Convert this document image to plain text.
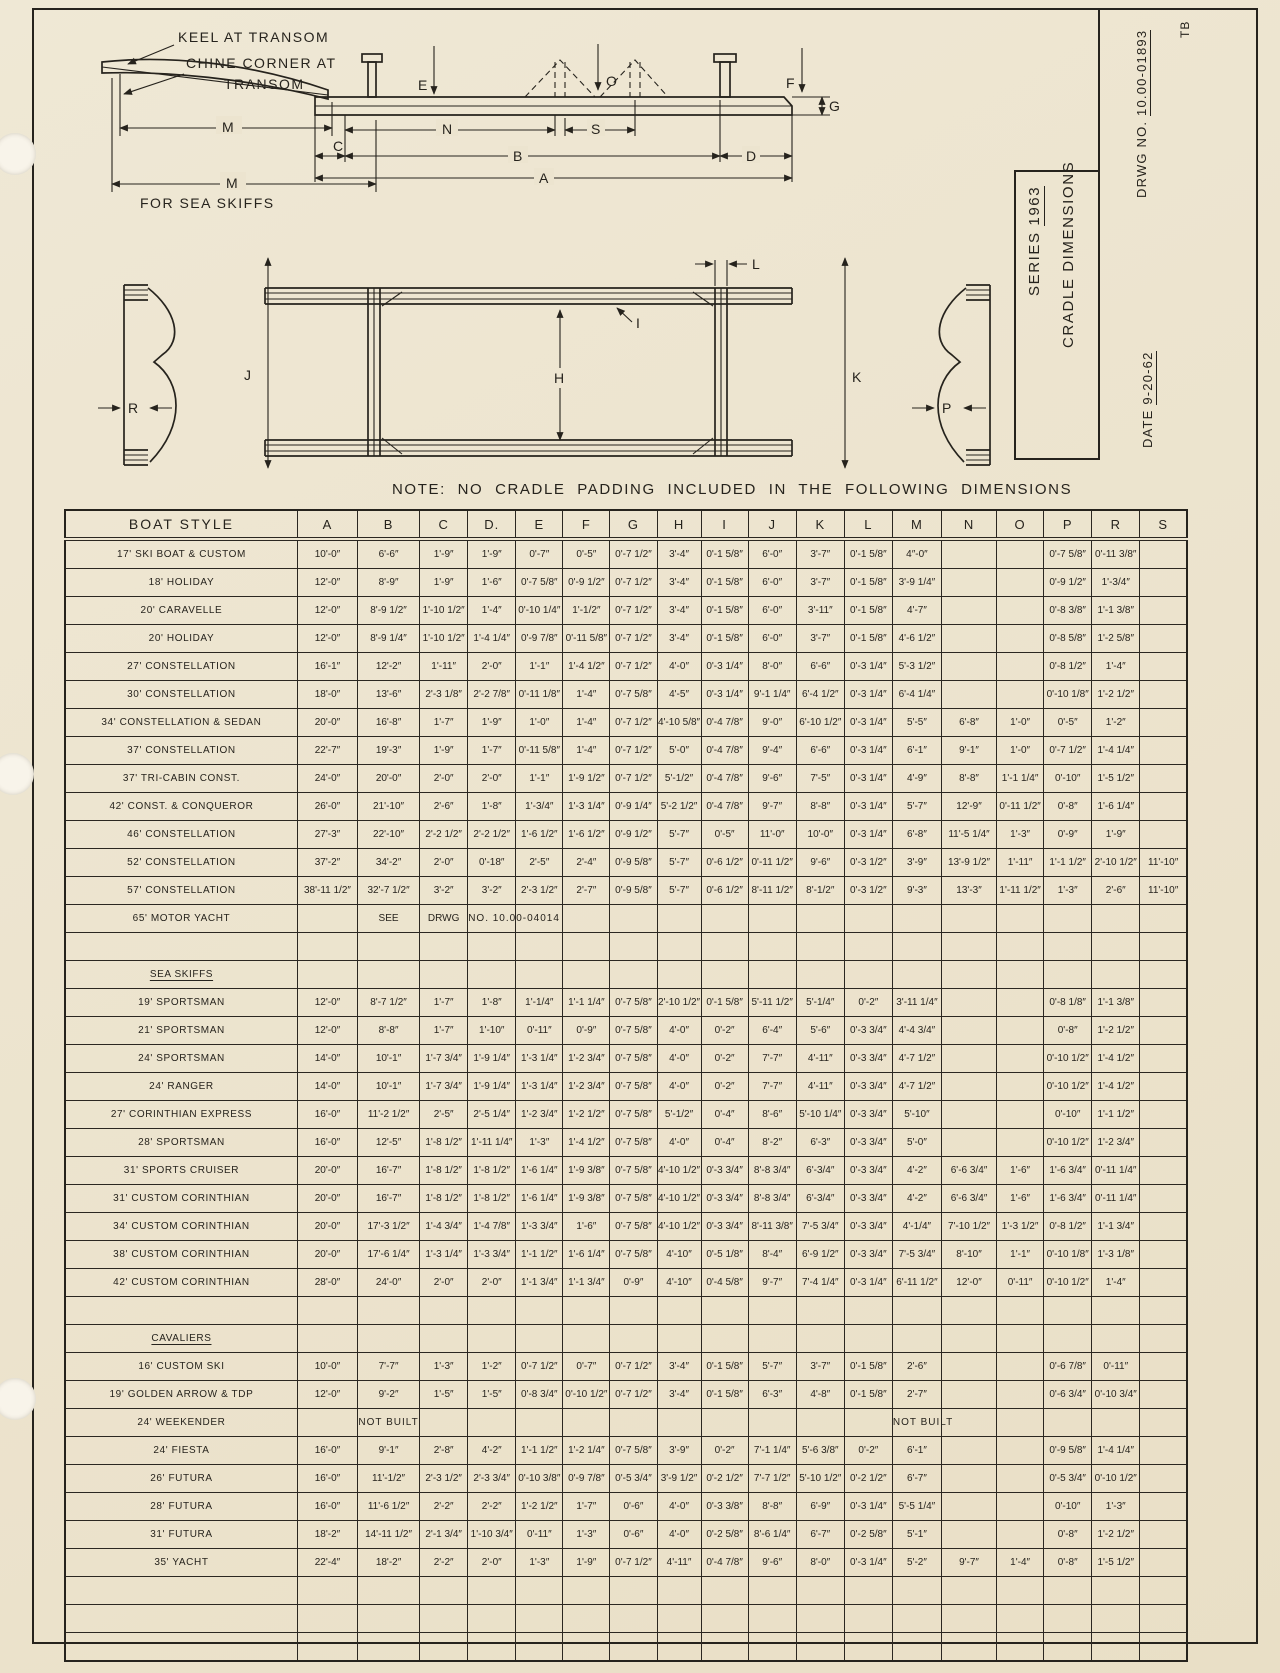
KEEL AT TRANSOM
CHINE CORNER AT
TRANSOM
M
M
FOR SEA SKIFFS
E	O	F
G
N	S
C
B	D
A
J	H	K
L
I
R	P
NOTE: NO CRADLE PADDING INCLUDED IN THE FOLLOWING DIMENSIONS
SERIES 1963 CRADLE DIMENSIONS
DRWG NO. 10.00-01893
DATE 9-20-62
TB
BOAT STYLE	A	B	C	D.	E	F	G	H	I	J	K	L	M	N	O	P	R	S
17' SKI BOAT & CUSTOM	10'-0″	6'-6″	1'-9″	1'-9″	0'-7″	0'-5″	0'-7 1/2″	3'-4″	0'-1 5/8″	6'-0″	3'-7″	0'-1 5/8″	4″-0″			0'-7 5/8″	0'-11 3/8″	
18' HOLIDAY	12'-0″	8'-9″	1'-9″	1'-6″	0'-7 5/8″	0'-9 1/2″	0'-7 1/2″	3'-4″	0'-1 5/8″	6'-0″	3'-7″	0'-1 5/8″	3'-9 1/4″			0'-9 1/2″	1'-3/4″	
20' CARAVELLE	12'-0″	8'-9 1/2″	1'-10 1/2″	1'-4″	0'-10 1/4″	1'-1/2″	0'-7 1/2″	3'-4″	0'-1 5/8″	6'-0″	3'-11″	0'-1 5/8″	4'-7″			0'-8 3/8″	1'-1 3/8″	
20' HOLIDAY	12'-0″	8'-9 1/4″	1'-10 1/2″	1'-4 1/4″	0'-9 7/8″	0'-11 5/8″	0'-7 1/2″	3'-4″	0'-1 5/8″	6'-0″	3'-7″	0'-1 5/8″	4'-6 1/2″			0'-8 5/8″	1'-2 5/8″	
27' CONSTELLATION	16'-1″	12'-2″	1'-11″	2'-0″	1'-1″	1'-4 1/2″	0'-7 1/2″	4'-0″	0'-3 1/4″	8'-0″	6'-6″	0'-3 1/4″	5'-3 1/2″			0'-8 1/2″	1'-4″	
30' CONSTELLATION	18'-0″	13'-6″	2'-3 1/8″	2'-2 7/8″	0'-11 1/8″	1'-4″	0'-7 5/8″	4'-5″	0'-3 1/4″	9'-1 1/4″	6'-4 1/2″	0'-3 1/4″	6'-4 1/4″			0'-10 1/8″	1'-2 1/2″	
34' CONSTELLATION & SEDAN	20'-0″	16'-8″	1'-7″	1'-9″	1'-0″	1'-4″	0'-7 1/2″	4'-10 5/8″	0'-4 7/8″	9'-0″	6'-10 1/2″	0'-3 1/4″	5'-5″	6'-8″	1'-0″	0'-5″	1'-2″	
37' CONSTELLATION	22'-7″	19'-3″	1'-9″	1'-7″	0'-11 5/8″	1'-4″	0'-7 1/2″	5'-0″	0'-4 7/8″	9'-4″	6'-6″	0'-3 1/4″	6'-1″	9'-1″	1'-0″	0'-7 1/2″	1'-4 1/4″	
37' TRI-CABIN CONST.	24'-0″	20'-0″	2'-0″	2'-0″	1'-1″	1'-9 1/2″	0'-7 1/2″	5'-1/2″	0'-4 7/8″	9'-6″	7'-5″	0'-3 1/4″	4'-9″	8'-8″	1'-1 1/4″	0'-10″	1'-5 1/2″	
42' CONST. & CONQUEROR	26'-0″	21'-10″	2'-6″	1'-8″	1'-3/4″	1'-3 1/4″	0'-9 1/4″	5'-2 1/2″	0'-4 7/8″	9'-7″	8'-8″	0'-3 1/4″	5'-7″	12'-9″	0'-11 1/2″	0'-8″	1'-6 1/4″	
46' CONSTELLATION	27'-3″	22'-10″	2'-2 1/2″	2'-2 1/2″	1'-6 1/2″	1'-6 1/2″	0'-9 1/2″	5'-7″	0'-5″	11'-0″	10'-0″	0'-3 1/4″	6'-8″	11'-5 1/4″	1'-3″	0'-9″	1'-9″	
52' CONSTELLATION	37'-2″	34'-2″	2'-0″	0'-18″	2'-5″	2'-4″	0'-9 5/8″	5'-7″	0'-6 1/2″	0'-11 1/2″	9'-6″	0'-3 1/2″	3'-9″	13'-9 1/2″	1'-11″	1'-1 1/2″	2'-10 1/2″	11'-10″
57' CONSTELLATION	38'-11 1/2″	32'-7 1/2″	3'-2″	3'-2″	2'-3 1/2″	2'-7″	0'-9 5/8″	5'-7″	0'-6 1/2″	8'-11 1/2″	8'-1/2″	0'-3 1/2″	9'-3″	13'-3″	1'-11 1/2″	1'-3″	2'-6″	11'-10″
65' MOTOR YACHT		SEE	DRWG	NO. 10.00-04014														

SEA SKIFFS																		
19' SPORTSMAN	12'-0″	8'-7 1/2″	1'-7″	1'-8″	1'-1/4″	1'-1 1/4″	0'-7 5/8″	2'-10 1/2″	0'-1 5/8″	5'-11 1/2″	5'-1/4″	0'-2″	3'-11 1/4″			0'-8 1/8″	1'-1 3/8″	
21' SPORTSMAN	12'-0″	8'-8″	1'-7″	1'-10″	0'-11″	0'-9″	0'-7 5/8″	4'-0″	0'-2″	6'-4″	5'-6″	0'-3 3/4″	4'-4 3/4″			0'-8″	1'-2 1/2″	
24' SPORTSMAN	14'-0″	10'-1″	1'-7 3/4″	1'-9 1/4″	1'-3 1/4″	1'-2 3/4″	0'-7 5/8″	4'-0″	0'-2″	7'-7″	4'-11″	0'-3 3/4″	4'-7 1/2″			0'-10 1/2″	1'-4 1/2″	
24' RANGER	14'-0″	10'-1″	1'-7 3/4″	1'-9 1/4″	1'-3 1/4″	1'-2 3/4″	0'-7 5/8″	4'-0″	0'-2″	7'-7″	4'-11″	0'-3 3/4″	4'-7 1/2″			0'-10 1/2″	1'-4 1/2″	
27' CORINTHIAN EXPRESS	16'-0″	11'-2 1/2″	2'-5″	2'-5 1/4″	1'-2 3/4″	1'-2 1/2″	0'-7 5/8″	5'-1/2″	0'-4″	8'-6″	5'-10 1/4″	0'-3 3/4″	5'-10″			0'-10″	1'-1 1/2″	
28' SPORTSMAN	16'-0″	12'-5″	1'-8 1/2″	1'-11 1/4″	1'-3″	1'-4 1/2″	0'-7 5/8″	4'-0″	0'-4″	8'-2″	6'-3″	0'-3 3/4″	5'-0″			0'-10 1/2″	1'-2 3/4″	
31' SPORTS CRUISER	20'-0″	16'-7″	1'-8 1/2″	1'-8 1/2″	1'-6 1/4″	1'-9 3/8″	0'-7 5/8″	4'-10 1/2″	0'-3 3/4″	8'-8 3/4″	6'-3/4″	0'-3 3/4″	4'-2″	6'-6 3/4″	1'-6″	1'-6 3/4″	0'-11 1/4″	
31' CUSTOM CORINTHIAN	20'-0″	16'-7″	1'-8 1/2″	1'-8 1/2″	1'-6 1/4″	1'-9 3/8″	0'-7 5/8″	4'-10 1/2″	0'-3 3/4″	8'-8 3/4″	6'-3/4″	0'-3 3/4″	4'-2″	6'-6 3/4″	1'-6″	1'-6 3/4″	0'-11 1/4″	
34' CUSTOM CORINTHIAN	20'-0″	17'-3 1/2″	1'-4 3/4″	1'-4 7/8″	1'-3 3/4″	1'-6″	0'-7 5/8″	4'-10 1/2″	0'-3 3/4″	8'-11 3/8″	7'-5 3/4″	0'-3 3/4″	4'-1/4″	7'-10 1/2″	1'-3 1/2″	0'-8 1/2″	1'-1 3/4″	
38' CUSTOM CORINTHIAN	20'-0″	17'-6 1/4″	1'-3 1/4″	1'-3 3/4″	1'-1 1/2″	1'-6 1/4″	0'-7 5/8″	4'-10″	0'-5 1/8″	8'-4″	6'-9 1/2″	0'-3 3/4″	7'-5 3/4″	8'-10″	1'-1″	0'-10 1/8″	1'-3 1/8″	
42' CUSTOM CORINTHIAN	28'-0″	24'-0″	2'-0″	2'-0″	1'-1 3/4″	1'-1 3/4″	0'-9″	4'-10″	0'-4 5/8″	9'-7″	7'-4 1/4″	0'-3 1/4″	6'-11 1/2″	12'-0″	0'-11″	0'-10 1/2″	1'-4″	

CAVALIERS																		
16' CUSTOM SKI	10'-0″	7'-7″	1'-3″	1'-2″	0'-7 1/2″	0'-7″	0'-7 1/2″	3'-4″	0'-1 5/8″	5'-7″	3'-7″	0'-1 5/8″	2'-6″			0'-6 7/8″	0'-11″	
19' GOLDEN ARROW & TDP	12'-0″	9'-2″	1'-5″	1'-5″	0'-8 3/4″	0'-10 1/2″	0'-7 1/2″	3'-4″	0'-1 5/8″	6'-3″	4'-8″	0'-1 5/8″	2'-7″			0'-6 3/4″	0'-10 3/4″	
24' WEEKENDER		NOT BUILT											NOT BUILT					
24' FIESTA	16'-0″	9'-1″	2'-8″	4'-2″	1'-1 1/2″	1'-2 1/4″	0'-7 5/8″	3'-9″	0'-2″	7'-1 1/4″	5'-6 3/8″	0'-2″	6'-1″			0'-9 5/8″	1'-4 1/4″	
26' FUTURA	16'-0″	11'-1/2″	2'-3 1/2″	2'-3 3/4″	0'-10 3/8″	0'-9 7/8″	0'-5 3/4″	3'-9 1/2″	0'-2 1/2″	7'-7 1/2″	5'-10 1/2″	0'-2 1/2″	6'-7″			0'-5 3/4″	0'-10 1/2″	
28' FUTURA	16'-0″	11'-6 1/2″	2'-2″	2'-2″	1'-2 1/2″	1'-7″	0'-6″	4'-0″	0'-3 3/8″	8'-8″	6'-9″	0'-3 1/4″	5'-5 1/4″			0'-10″	1'-3″	
31' FUTURA	18'-2″	14'-11 1/2″	2'-1 3/4″	1'-10 3/4″	0'-11″	1'-3″	0'-6″	4'-0″	0'-2 5/8″	8'-6 1/4″	6'-7″	0'-2 5/8″	5'-1″			0'-8″	1'-2 1/2″	
35' YACHT	22'-4″	18'-2″	2'-2″	2'-0″	1'-3″	1'-9″	0'-7 1/2″	4'-11″	0'-4 7/8″	9'-6″	8'-0″	0'-3 1/4″	5'-2″	9'-7″	1'-4″	0'-8″	1'-5 1/2″	
